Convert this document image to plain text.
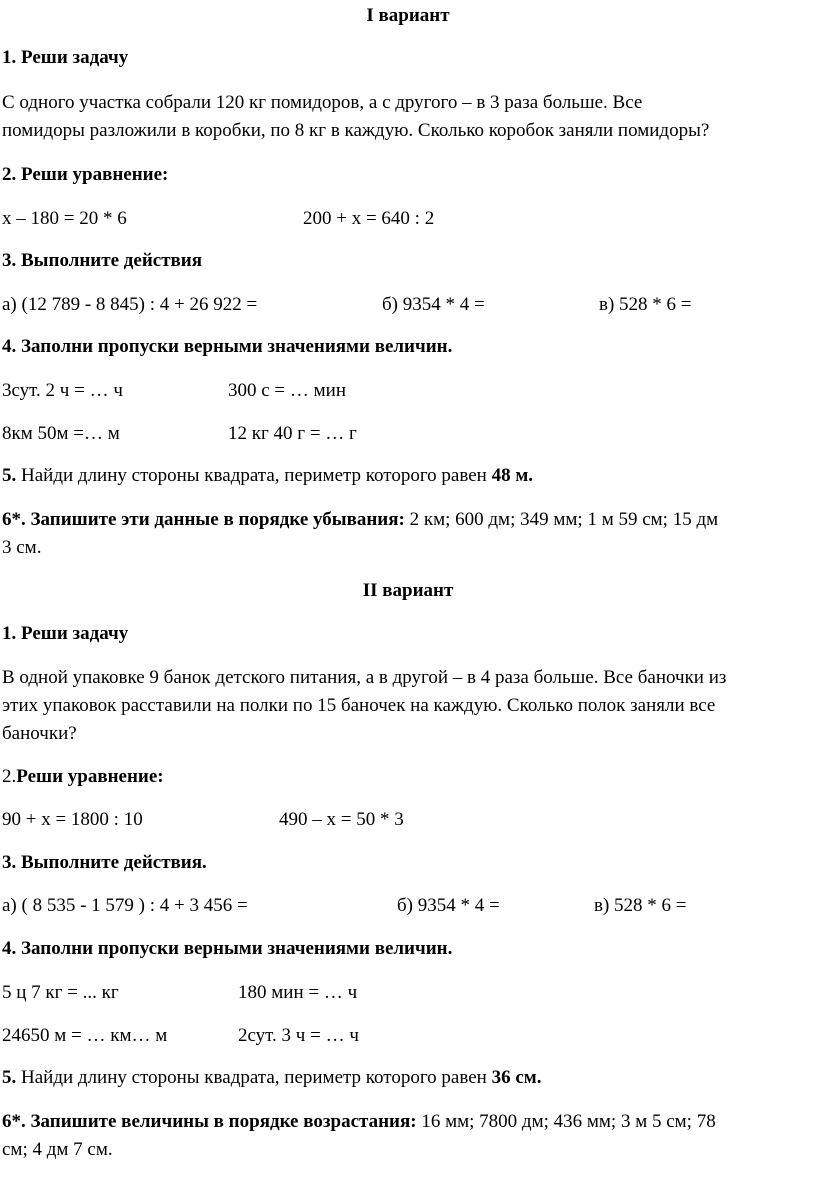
I вариант
1. Реши задачу
С одного участка собрали 120 кг помидоров, а с другого – в 3 раза больше. Все
помидоры разложили в коробки, по 8 кг в каждую. Сколько коробок заняли помидоры?
2. Реши уравнение:
х – 180 = 20 * 6	200 + х = 640 : 2
3. Выполните действия
а) (12 789 - 8 845) : 4 + 26 922 =	б) 9354 * 4 =	в) 528 * 6 =
4. Заполни пропуски верными значениями величин.
3сут. 2 ч = … ч	300 с = … мин
8км 50м =… м	12 кг 40 г = … г
5. Найди длину стороны квадрата, периметр которого равен 48 м.
6*. Запишите эти данные в порядке убывания: 2 км; 600 дм; 349 мм; 1 м 59 см; 15 дм
3 см.
II вариант
1. Реши задачу
В одной упаковке 9 банок детского питания, а в другой – в 4 раза больше. Все баночки из
этих упаковок расставили на полки по 15 баночек на каждую. Сколько полок заняли все
баночки?
2.Реши уравнение:
90 + х = 1800 : 10	490 – х = 50 * 3
3. Выполните действия.
а) ( 8 535 - 1 579 ) : 4 + 3 456 =	б) 9354 * 4 =	в) 528 * 6 =
4. Заполни пропуски верными значениями величин.
5 ц 7 кг = ... кг	180 мин = … ч
24650 м = … км… м	2сут. 3 ч = … ч
5. Найди длину стороны квадрата, периметр которого равен 36 см.
6*. Запишите величины в порядке возрастания: 16 мм; 7800 дм; 436 мм; 3 м 5 см; 78
см; 4 дм 7 см.
